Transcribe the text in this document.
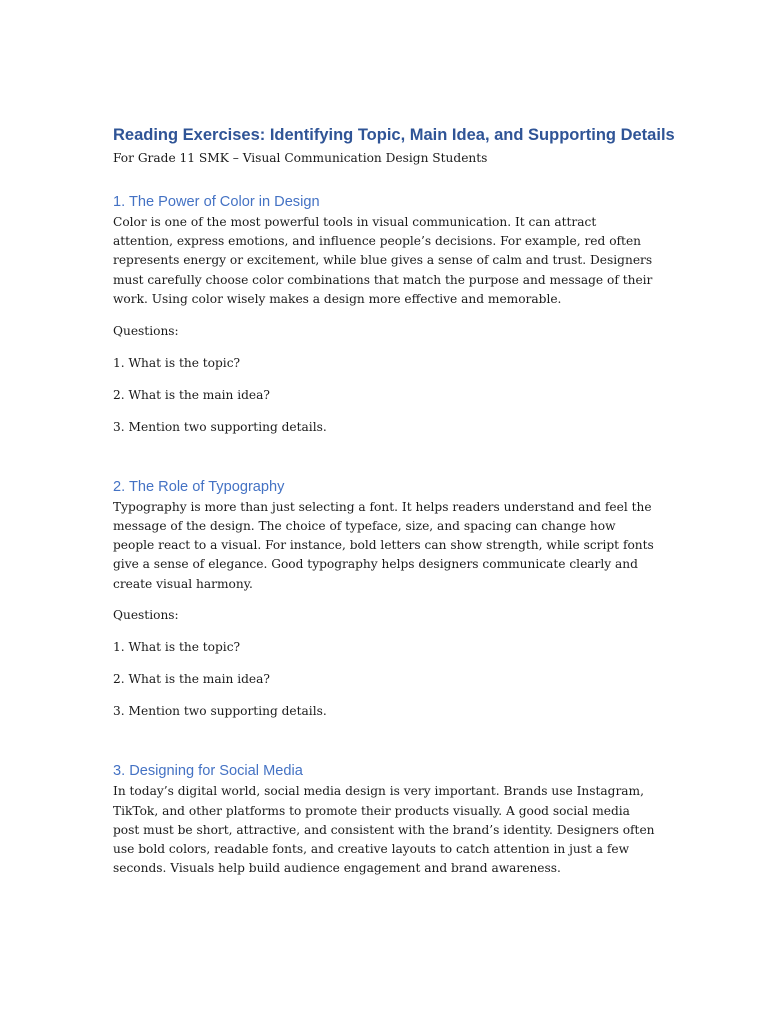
Reading Exercises: Identifying Topic, Main Idea, and Supporting Details

For Grade 11 SMK – Visual Communication Design Students

1. The Power of Color in Design

Color is one of the most powerful tools in visual communication. It can attract attention, express emotions, and influence people’s decisions. For example, red often represents energy or excitement, while blue gives a sense of calm and trust. Designers must carefully choose color combinations that match the purpose and message of their work. Using color wisely makes a design more effective and memorable.

Questions:

1. What is the topic?

2. What is the main idea?

3. Mention two supporting details.

2. The Role of Typography

Typography is more than just selecting a font. It helps readers understand and feel the message of the design. The choice of typeface, size, and spacing can change how people react to a visual. For instance, bold letters can show strength, while script fonts give a sense of elegance. Good typography helps designers communicate clearly and create visual harmony.

Questions:

1. What is the topic?

2. What is the main idea?

3. Mention two supporting details.

3. Designing for Social Media

In today’s digital world, social media design is very important. Brands use Instagram, TikTok, and other platforms to promote their products visually. A good social media post must be short, attractive, and consistent with the brand’s identity. Designers often use bold colors, readable fonts, and creative layouts to catch attention in just a few seconds. Visuals help build audience engagement and brand awareness.
